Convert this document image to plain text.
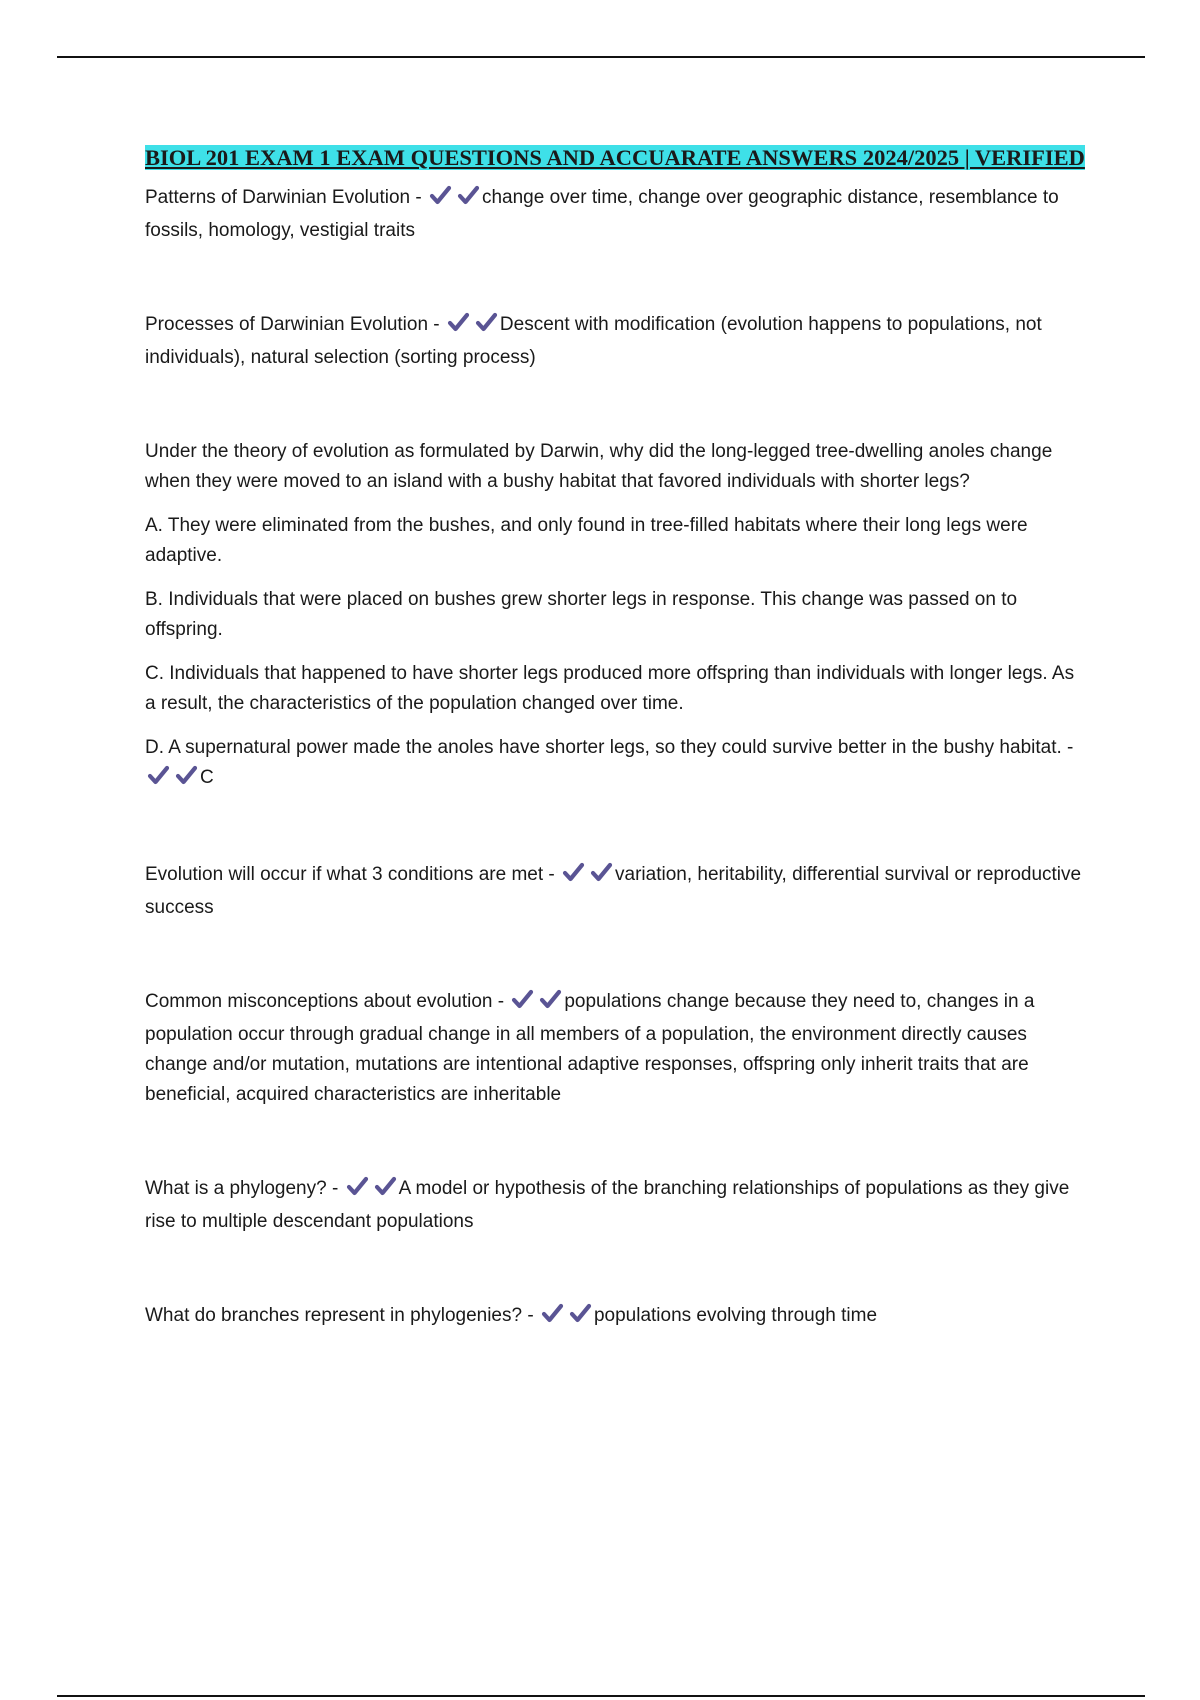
BIOL 201 EXAM 1 EXAM QUESTIONS AND ACCUARATE ANSWERS 2024/2025 | VERIFIED

Patterns of Darwinian Evolution -	change over time, change over geographic distance, resemblance to fossils, homology, vestigial traits

Processes of Darwinian Evolution -	Descent with modification (evolution happens to populations, not individuals), natural selection (sorting process)

Under the theory of evolution as formulated by Darwin, why did the long-legged tree-dwelling anoles change when they were moved to an island with a bushy habitat that favored individuals with shorter legs?

A. They were eliminated from the bushes, and only found in tree-filled habitats where their long legs were adaptive.

B. Individuals that were placed on bushes grew shorter legs in response. This change was passed on to offspring.

C. Individuals that happened to have shorter legs produced more offspring than individuals with longer legs. As a result, the characteristics of the population changed over time.

D. A supernatural power made the anoles have shorter legs, so they could survive better in the bushy habitat. - C

Evolution will occur if what 3 conditions are met -	variation, heritability, differential survival or reproductive success

Common misconceptions about evolution -	populations change because they need to, changes in a population occur through gradual change in all members of a population, the environment directly causes change and/or mutation, mutations are intentional adaptive responses, offspring only inherit traits that are beneficial, acquired characteristics are inheritable

What is a phylogeny? -	A model or hypothesis of the branching relationships of populations as they give rise to multiple descendant populations

What do branches represent in phylogenies? -	populations evolving through time
